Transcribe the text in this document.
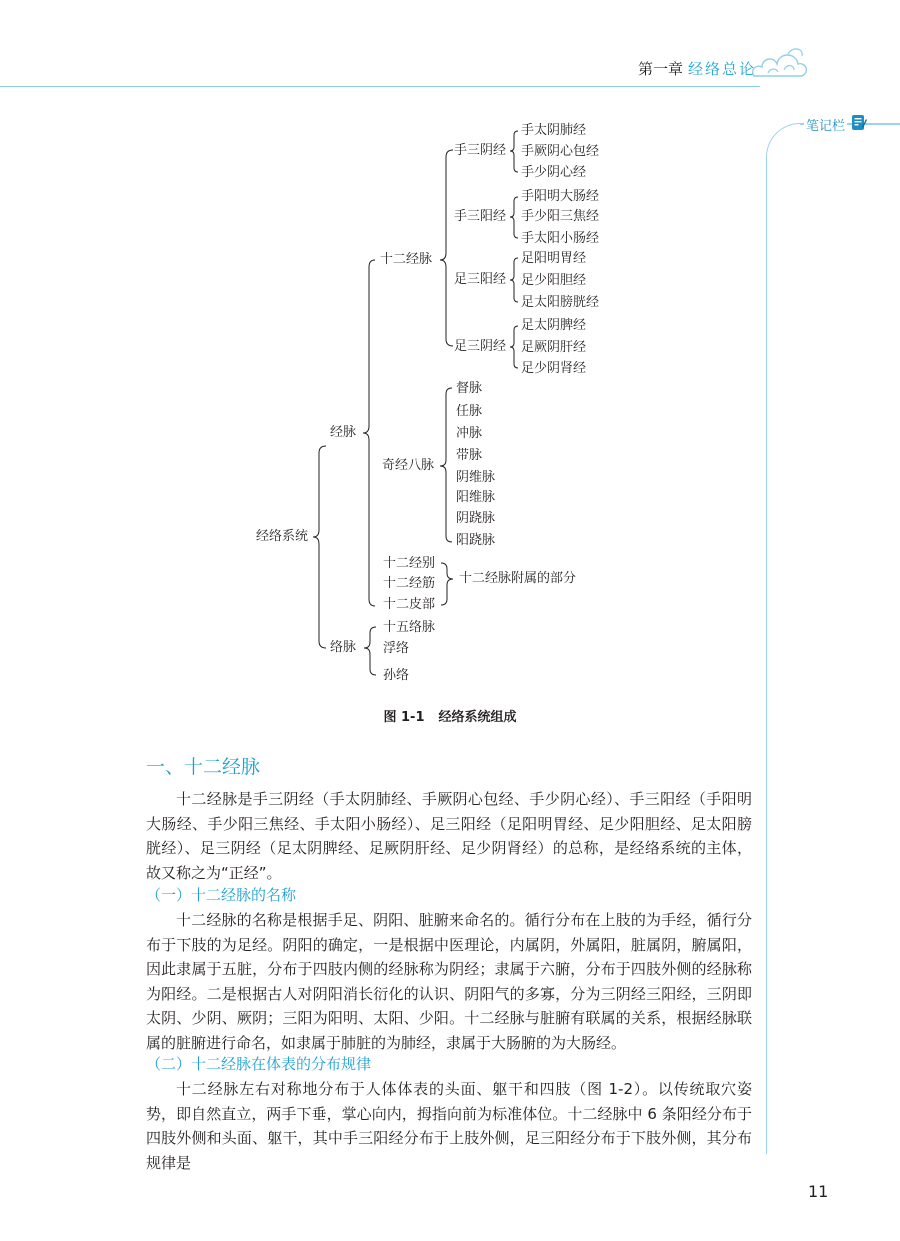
第一章 经络总论
笔记栏
经络系统
经脉
络脉
十二经脉
奇经八脉
手三阴经
手三阳经
足三阳经
足三阴经
手太阴肺经
手厥阴心包经
手少阴心经
手阳明大肠经
手少阳三焦经
手太阳小肠经
足阳明胃经
足少阳胆经
足太阳膀胱经
足太阴脾经
足厥阴肝经
足少阴肾经
督脉
任脉
冲脉
带脉
阴维脉
阳维脉
阴跷脉
阳跷脉
十二经别
十二经筋
十二皮部
十二经脉附属的部分
十五络脉
浮络
孙络
图 1-1 经络系统组成
一、十二经脉
十二经脉是手三阴经（手太阴肺经、手厥阴心包经、手少阴心经）、手三阳经（手阳明大肠经、手少阳三焦经、手太阳小肠经）、足三阳经（足阳明胃经、足少阳胆经、足太阳膀胱经）、足三阴经（足太阴脾经、足厥阴肝经、足少阴肾经）的总称，是经络系统的主体，故又称之为“正经”。
（一）十二经脉的名称
十二经脉的名称是根据手足、阴阳、脏腑来命名的。循行分布在上肢的为手经，循行分布于下肢的为足经。阴阳的确定，一是根据中医理论，内属阴，外属阳，脏属阴，腑属阳，因此隶属于五脏，分布于四肢内侧的经脉称为阴经；隶属于六腑，分布于四肢外侧的经脉称为阳经。二是根据古人对阴阳消长衍化的认识、阴阳气的多寡，分为三阴经三阳经，三阴即太阴、少阴、厥阴；三阳为阳明、太阳、少阳。十二经脉与脏腑有联属的关系，根据经脉联属的脏腑进行命名，如隶属于肺脏的为肺经，隶属于大肠腑的为大肠经。
（二）十二经脉在体表的分布规律
十二经脉左右对称地分布于人体体表的头面、躯干和四肢（图 1-2）。以传统取穴姿势，即自然直立，两手下垂，掌心向内，拇指向前为标准体位。十二经脉中 6 条阳经分布于四肢外侧和头面、躯干，其中手三阳经分布于上肢外侧，足三阳经分布于下肢外侧，其分布规律是
11
